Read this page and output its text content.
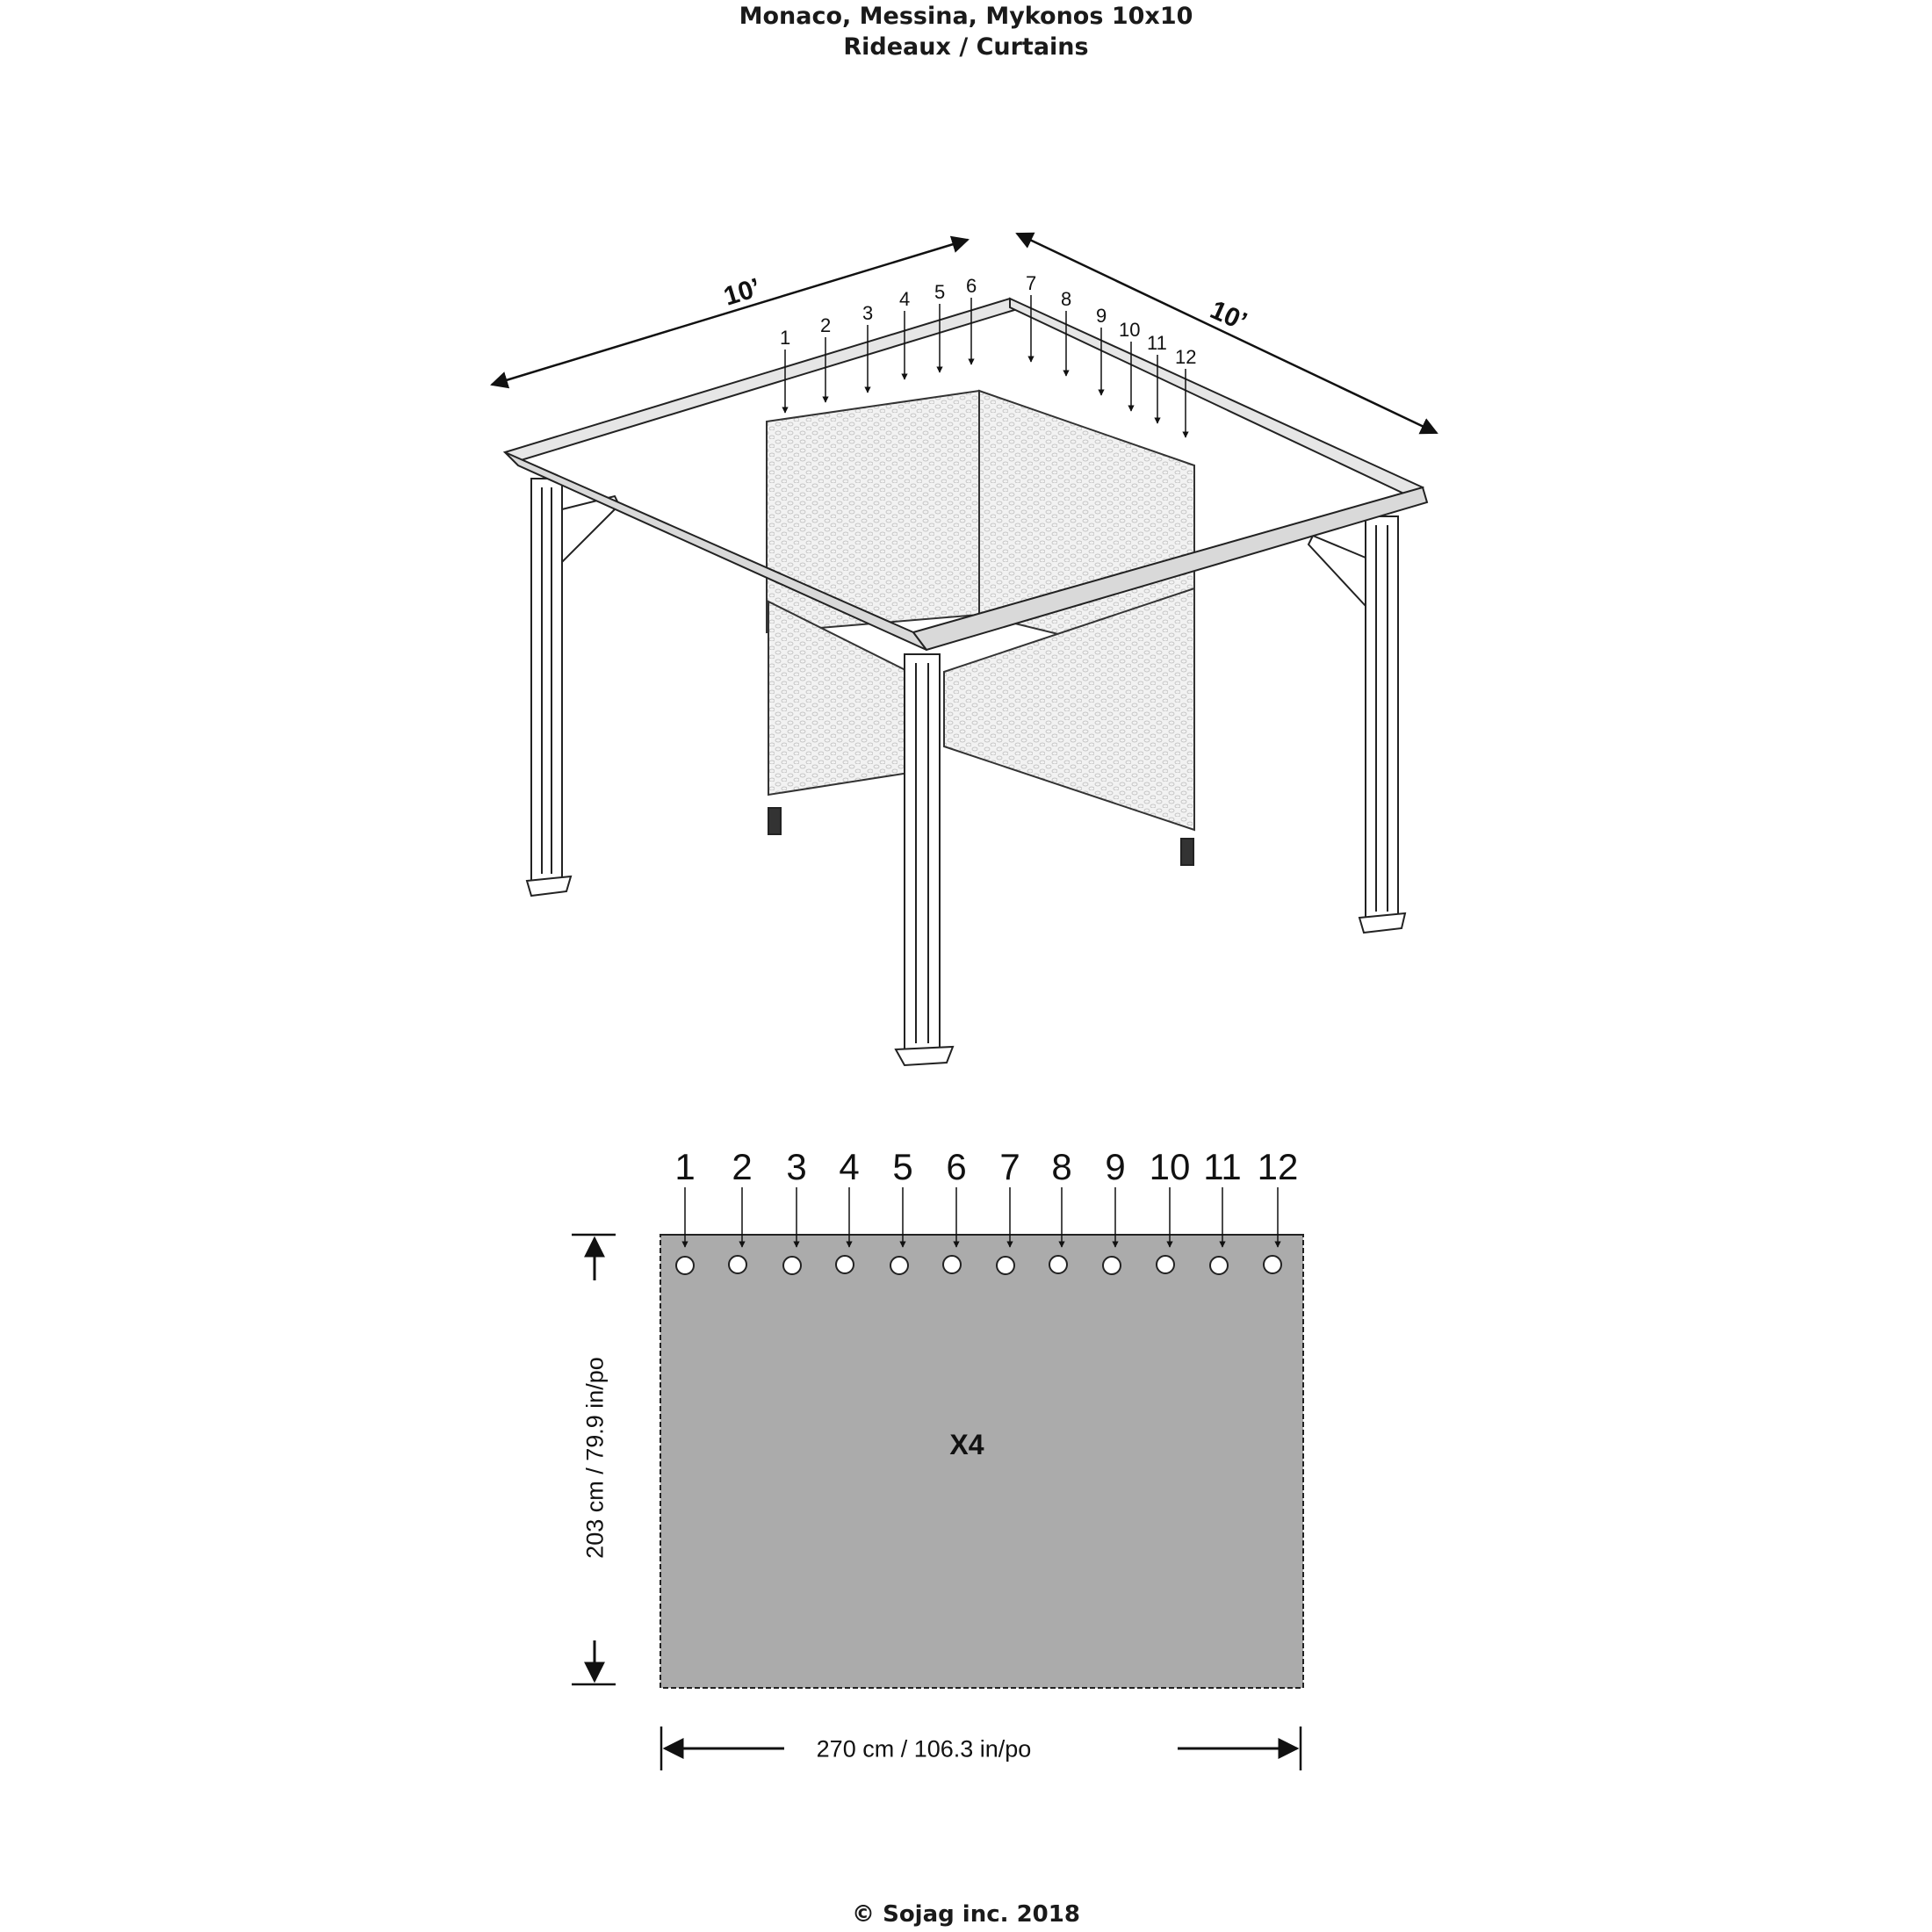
Monaco, Messina, Mykonos 10x10
Rideaux / Curtains
10’
10’
1
2
3
4 5 6	7
8
9
10
11
12
1 2 3 4 5 6 7 8 9 10 11 12
X4
203 cm / 79.9 in/po
270 cm / 106.3 in/po
© Sojag inc. 2018
